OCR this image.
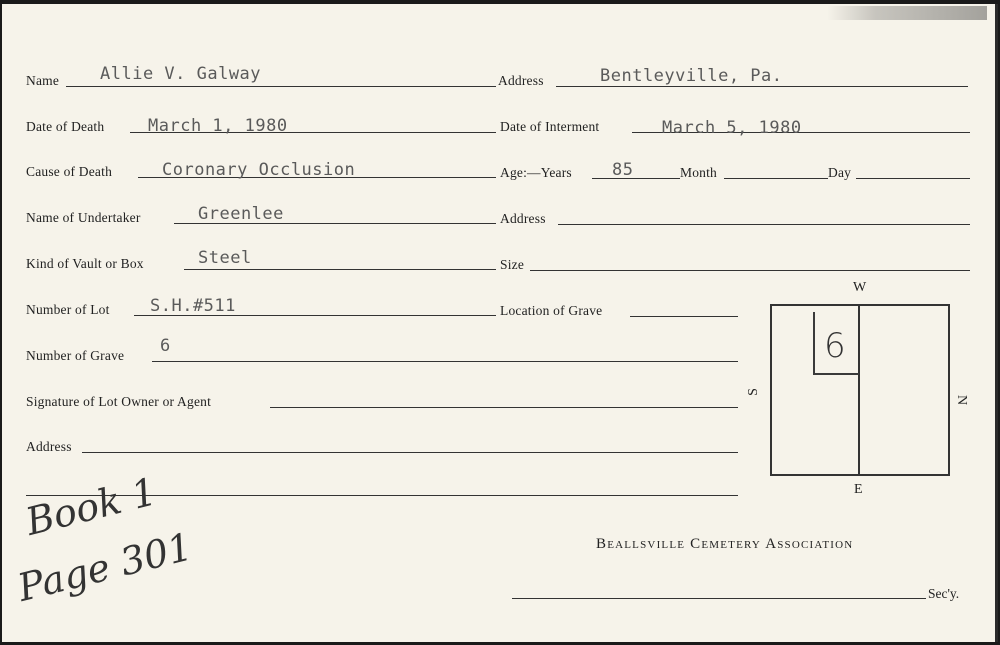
Name Allie V. Galway	Address	Bentleyville, Pa.
Date of Death	March 1, 1980	Date of Interment	March 5, 1980
Cause of Death	Coronary Occlusion	Age:—Years 85	Month	Day
Name of Undertaker	Greenlee	Address
Kind of Vault or Box	Steel	Size
Number of Lot S.H.#511	Location of Grave
Number of Grave 6
Signature of Lot Owner or Agent
Address
W
E
S
N
6
Beallsville Cemetery Association
Sec'y.
Book 1
Page 301
